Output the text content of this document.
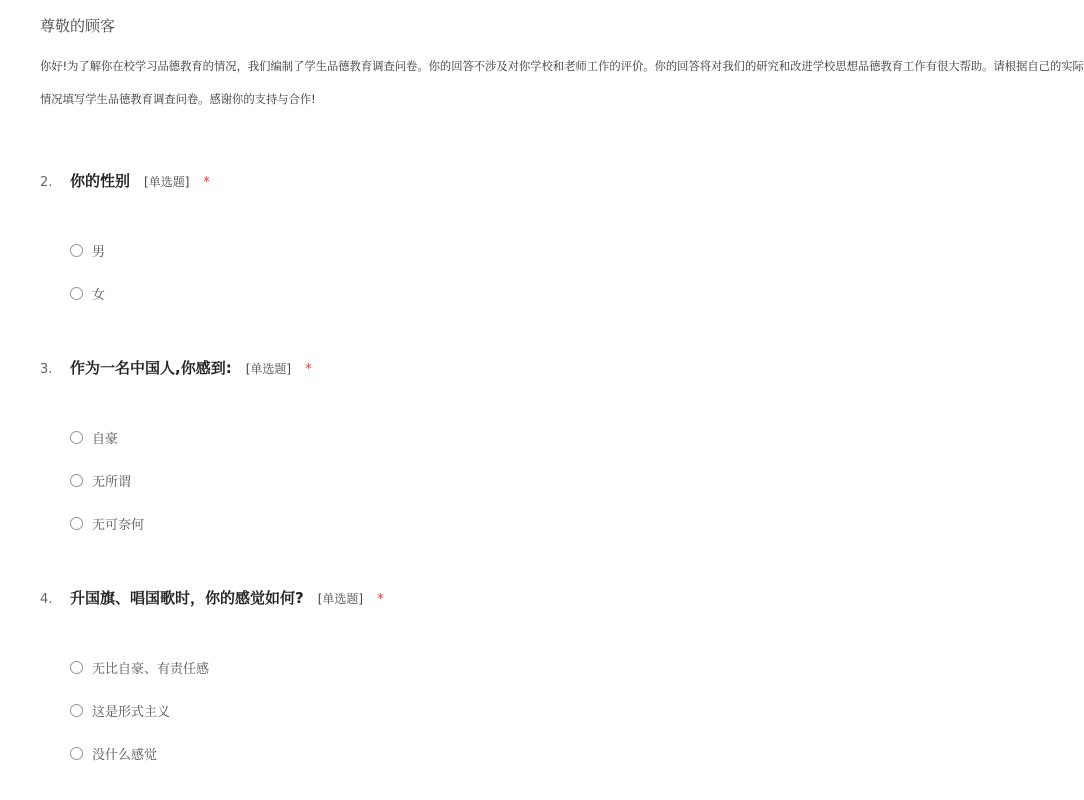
尊敬的顾客

你好!为了解你在校学习品德教育的情况，我们编制了学生品德教育调查问卷。你的回答不涉及对你学校和老师工作的评价。你的回答将对我们的研究和改进学校思想品德教育工作有很大帮助。请根据自己的实际

情况填写学生品德教育调查问卷。感谢你的支持与合作!

2.	你的性别 [单选题] *
男
女
3.	作为一名中国人,你感到: [单选题] *
自豪
无所谓
无可奈何
4.	升国旗、唱国歌时，你的感觉如何? [单选题] *
无比自豪、有责任感
这是形式主义
没什么感觉
